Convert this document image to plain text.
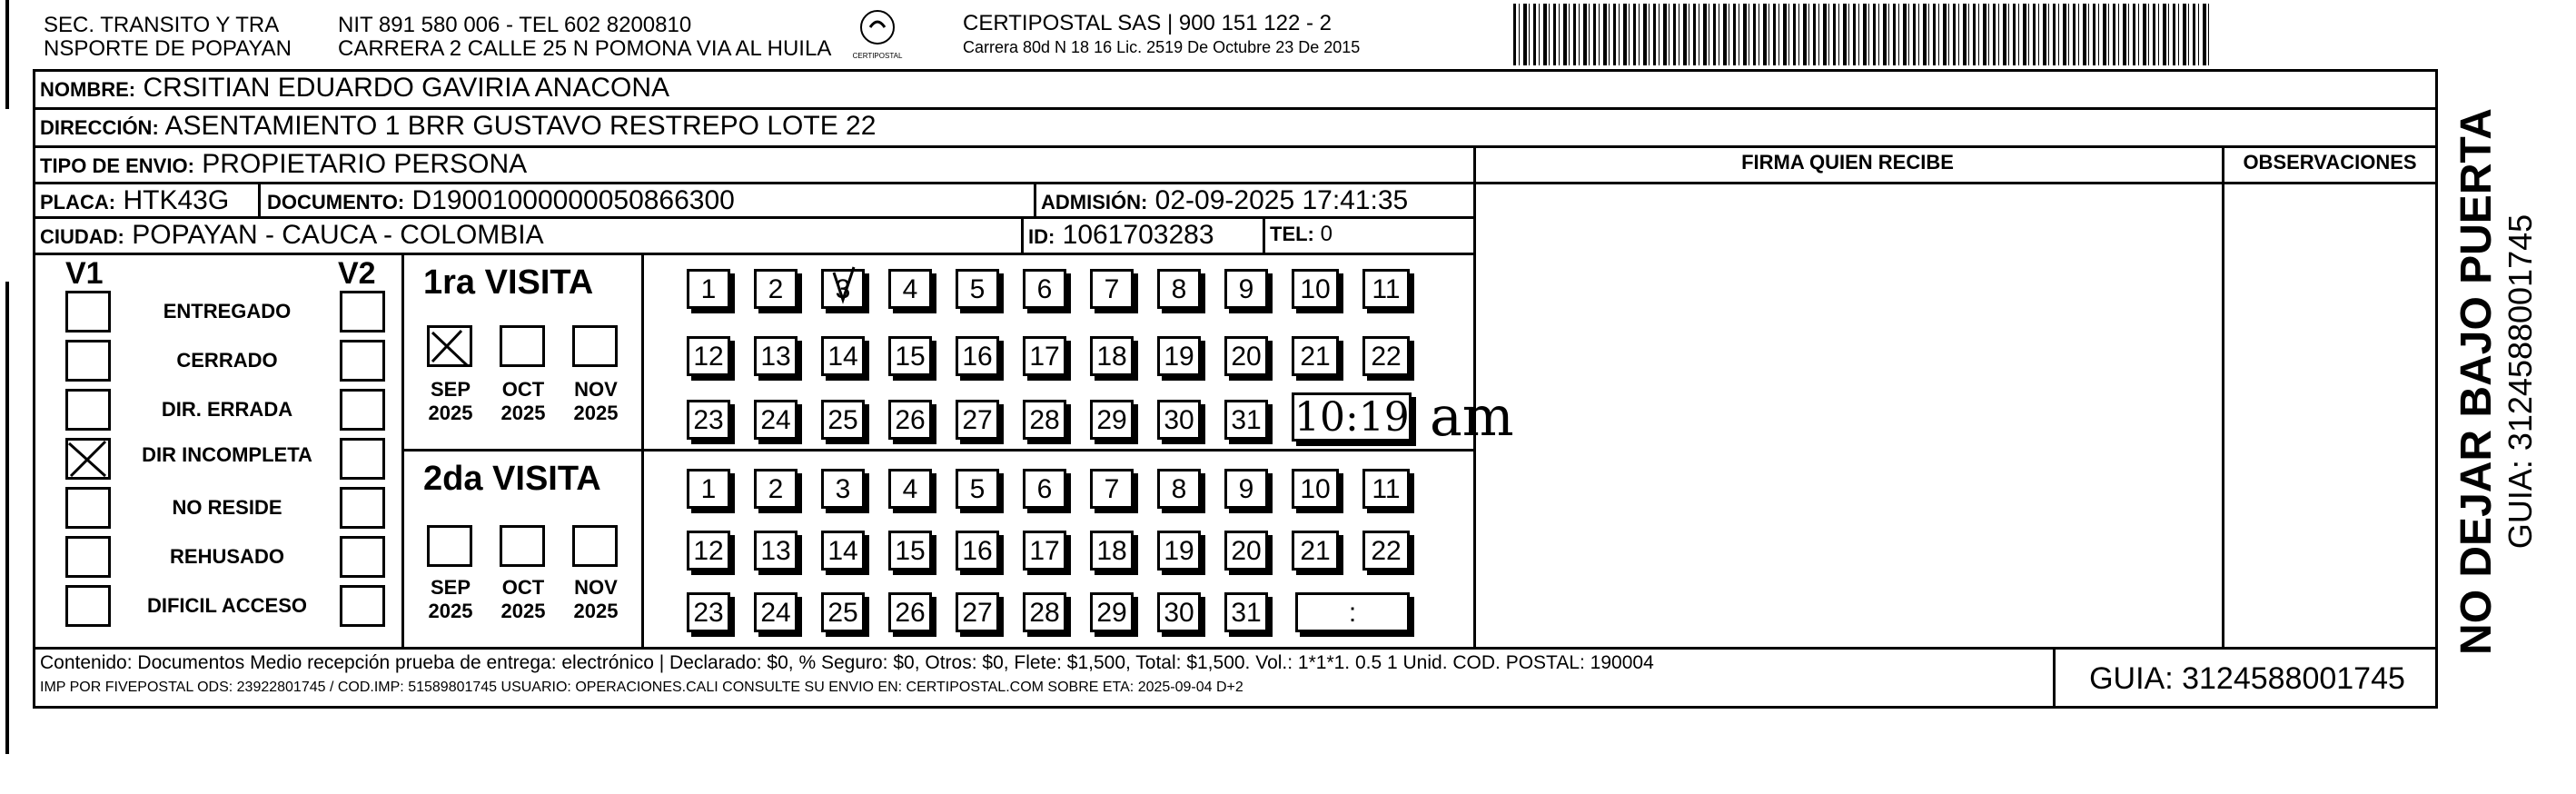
SEC. TRANSITO Y TRA
NSPORTE DE POPAYAN
NIT 891 580 006 - TEL 602 8200810
CARRERA 2 CALLE 25 N POMONA VIA AL HUILA	CERTIPOSTAL
CERTIPOSTAL SAS | 900 151 122 - 2
Carrera 80d N 18 16 Lic. 2519 De Octubre 23 De 2015
NOMBRE: CRSITIAN EDUARDO GAVIRIA ANACONA
DIRECCIÓN: ASENTAMIENTO 1 BRR GUSTAVO RESTREPO LOTE 22
TIPO DE ENVIO: PROPIETARIO PERSONA	FIRMA QUIEN RECIBE	OBSERVACIONES
PLACA: HTK43G DOCUMENTO: D19001000000050866300	ADMISIÓN: 02-09-2025 17:41:35
CIUDAD: POPAYAN - CAUCA - COLOMBIA	ID: 1061703283	TEL: 0
V1	V2
ENTREGADO
CERRADO
DIR. ERRADA
DIR INCOMPLETA
NO RESIDE
REHUSADO
DIFICIL ACCESO
1ra VISITA
SEP
2025
OCT
2025
NOV
2025
1	2	3	4	5	6	7	8	9	10	11
12 13 14 15 16 17 18 19 20	21	22
23 24 25 26 27 28 29 30 31 10:19 am
2da VISITA
SEP
2025
OCT
2025
NOV
2025
1	2	3	4	5	6	7	8	9	10	11
12 13 14 15 16 17 18 19 20	21	22
23 24 25 26 27 28 29 30 31	:
Contenido: Documentos Medio recepción prueba de entrega: electrónico | Declarado: $0, % Seguro: $0, Otros: $0, Flete: $1,500, Total: $1,500. Vol.: 1*1*1. 0.5 1 Unid. COD. POSTAL: 190004
IMP POR FIVEPOSTAL ODS: 23922801745 / COD.IMP: 51589801745 USUARIO: OPERACIONES.CALI CONSULTE SU ENVIO EN: CERTIPOSTAL.COM SOBRE ETA: 2025-09-04 D+2	GUIA: 3124588001745
NO DEJAR BAJO PUERTA GUIA: 3124588001745
